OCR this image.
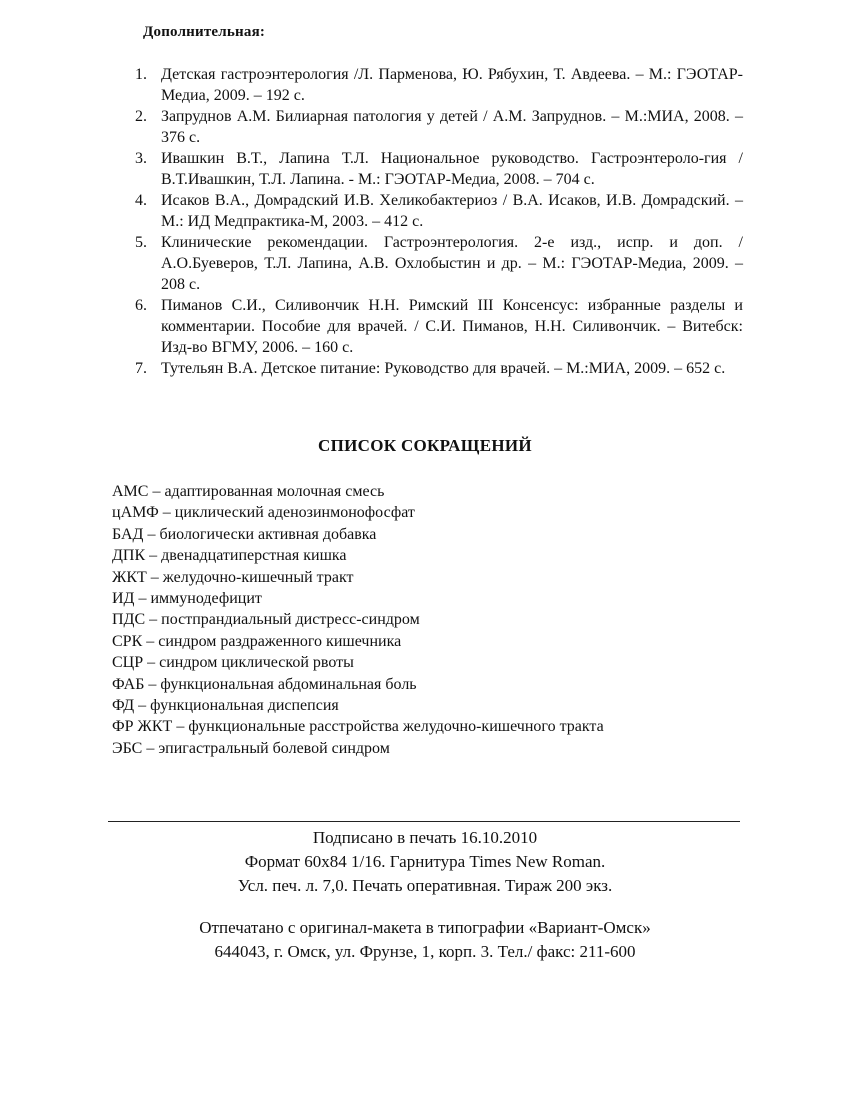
Дополнительная:
1. Детская гастроэнтерология /Л. Парменова, Ю. Рябухин, Т. Авдеева. – М.: ГЭОТАР-Медиа, 2009. – 192 с.
2. Запруднов А.М. Билиарная патология у детей / А.М. Запруднов. – М.:МИА, 2008. – 376 с.
3. Ивашкин В.Т., Лапина Т.Л. Национальное руководство. Гастроэнтероло-гия /В.Т.Ивашкин, Т.Л. Лапина. - М.: ГЭОТАР-Медиа, 2008. – 704 с.
4. Исаков В.А., Домрадский И.В. Хеликобактериоз / В.А. Исаков, И.В. Домрадский. – М.: ИД Медпрактика-М, 2003. – 412 с.
5. Клинические рекомендации. Гастроэнтерология. 2-е изд., испр. и доп. / А.О.Буеверов, Т.Л. Лапина, А.В. Охлобыстин и др. – М.: ГЭОТАР-Медиа, 2009. – 208 с.
6. Пиманов С.И., Силивончик Н.Н. Римский III Консенсус: избранные разделы и комментарии. Пособие для врачей. / С.И. Пиманов, Н.Н. Силивончик. – Витебск: Изд-во ВГМУ, 2006. – 160 с.
7. Тутельян В.А. Детское питание: Руководство для врачей. – М.:МИА, 2009. – 652 с.
СПИСОК СОКРАЩЕНИЙ
АМС – адаптированная молочная смесь
цАМФ – циклический аденозинмонофосфат
БАД – биологически активная добавка
ДПК – двенадцатиперстная кишка
ЖКТ – желудочно-кишечный тракт
ИД – иммунодефицит
ПДС – постпрандиальный дистресс-синдром
СРК – синдром раздраженного кишечника
СЦР – синдром циклической рвоты
ФАБ – функциональная абдоминальная боль
ФД – функциональная диспепсия
ФР ЖКТ – функциональные расстройства желудочно-кишечного тракта
ЭБС – эпигастральный болевой синдром
Подписано в печать 16.10.2010
Формат 60х84 1/16. Гарнитура Times New Roman.
Усл. печ. л. 7,0. Печать оперативная. Тираж 200 экз.
Отпечатано с оригинал-макета в типографии «Вариант-Омск»
644043, г. Омск, ул. Фрунзе, 1, корп. 3. Тел./ факс: 211-600
